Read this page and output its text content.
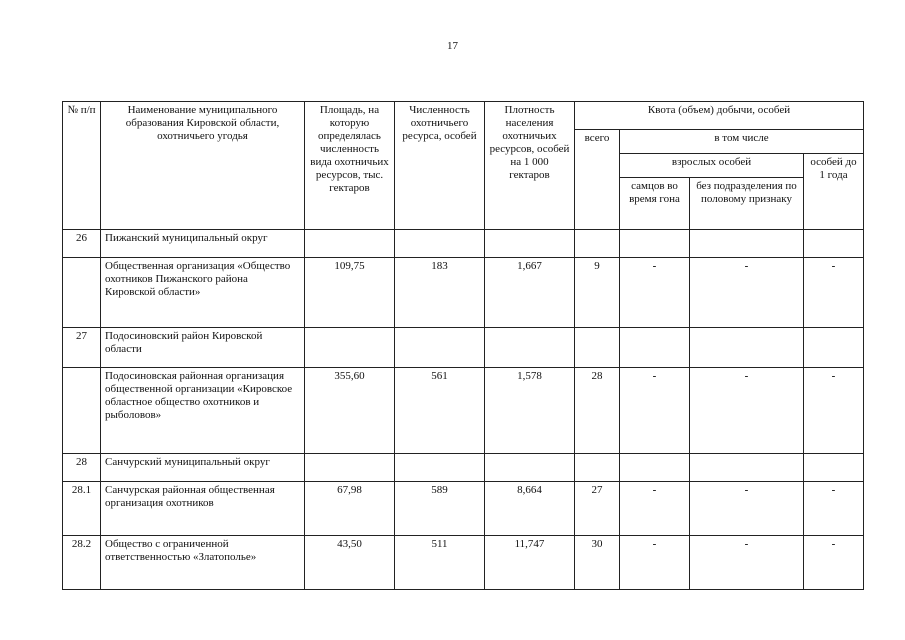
17
№ п/п	Наименование муниципального образования Кировской области, охотничьего угодья	Площадь, на которую определялась численность вида охотничьих ресурсов, тыс. гектаров	Численность охотничьего ресурса, особей	Плотность населения охотничьих ресурсов, особей на 1 000 гектаров	Квота (объем) добычи, особей			
					всего	в том числе		
						взрослых особей		особей до 1 года
						самцов во время гона	без подразделения по половому признаку	
26	Пижанский муниципальный округ							
	Общественная организация «Общество охотников Пижанского района Кировской области»	109,75	183	1,667	9	-	-	-
27	Подосиновский район Кировской области							
	Подосиновская районная организация общественной организации «Кировское областное общество охотников и рыболовов»	355,60	561	1,578	28	-	-	-
28	Санчурский муниципальный округ							
28.1	Санчурская районная общественная организация охотников	67,98	589	8,664	27	-	-	-
28.2	Общество с ограниченной ответственностью «Златополье»	43,50	511	11,747	30	-	-	-
